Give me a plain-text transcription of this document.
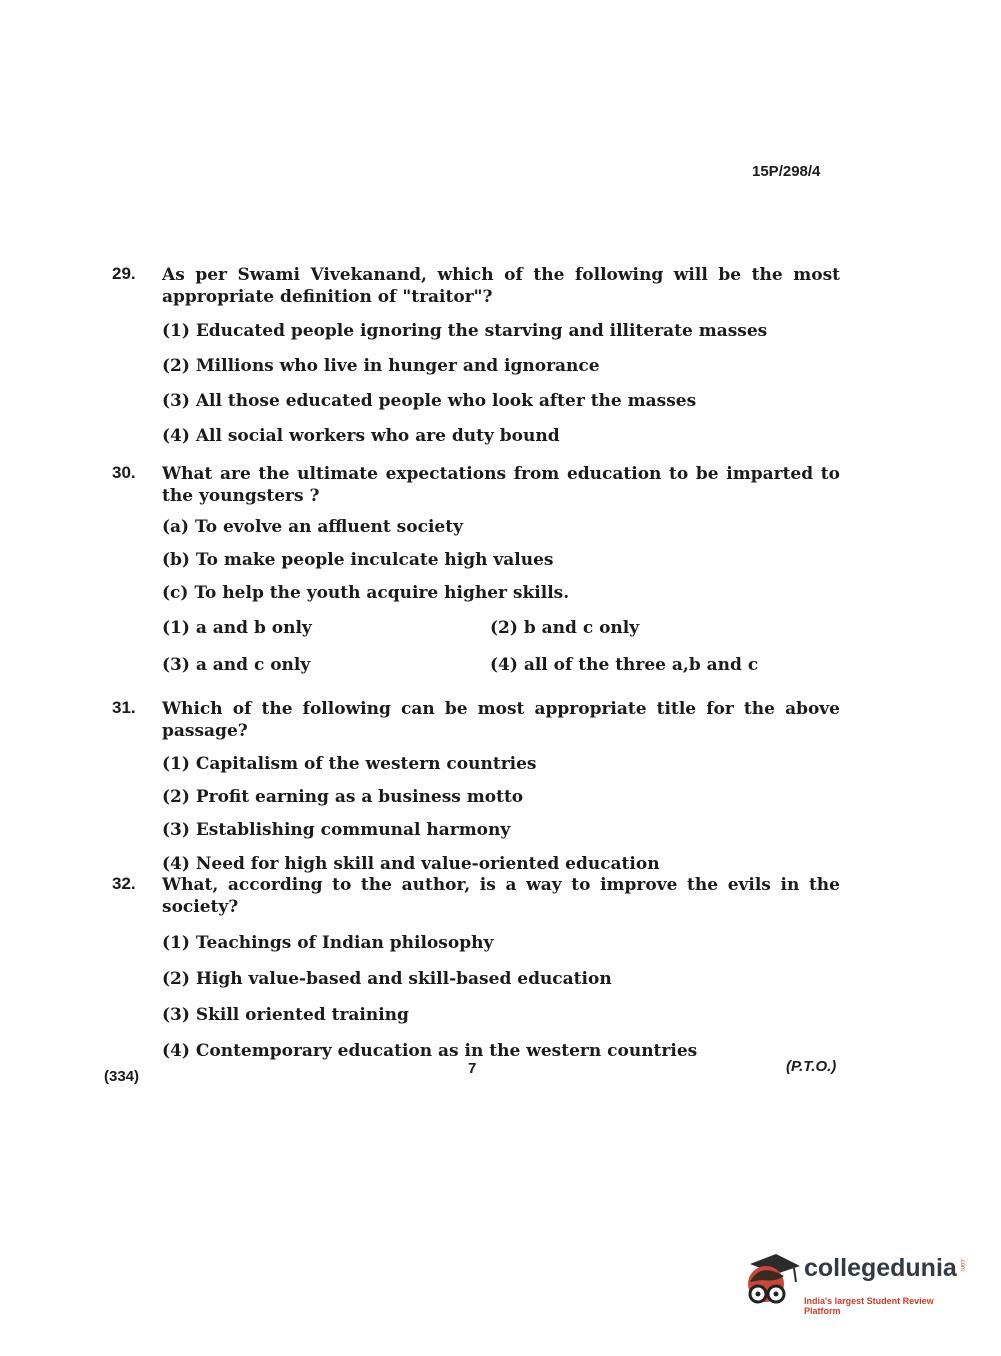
15P/298/4
29. As per Swami Vivekanand, which of the following will be the most appropriate definition of "traitor"?
(1) Educated people ignoring the starving and illiterate masses
(2) Millions who live in hunger and ignorance
(3) All those educated people who look after the masses
(4) All social workers who are duty bound
30. What are the ultimate expectations from education to be imparted to the youngsters ?
(a) To evolve an affluent society
(b) To make people inculcate high values
(c) To help the youth acquire higher skills.
(1) a and b only	(2) b and c only
(3) a and c only	(4) all of the three a,b and c
31. Which of the following can be most appropriate title for the above passage?
(1) Capitalism of the western countries
(2) Profit earning as a business motto
(3) Establishing communal harmony
(4) Need for high skill and value-oriented education
32. What, according to the author, is a way to improve the evils in the society?
(1) Teachings of Indian philosophy
(2) High value-based and skill-based education
(3) Skill oriented training
(4) Contemporary education as in the western countries
(334)	7	(P.T.O.)
collegedunia .com
India's largest Student Review Platform
